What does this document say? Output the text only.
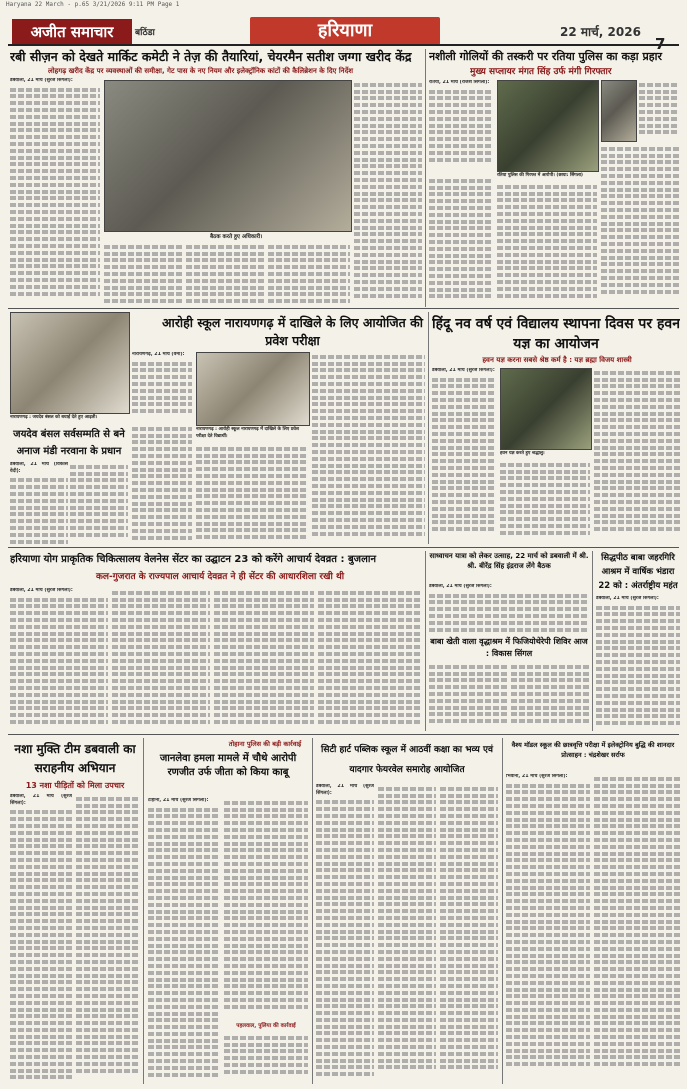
Haryana 22 March - p.65 3/21/2026 9:11 PM Page 1
अजीत समाचार	बठिंडा	हरियाणा	22 मार्च, 2026
रबी सीज़न को देखते मार्किट कमेटी ने तेज़ की तैयारियां, चेयरमैन सतीश जग्गा खरीद केंद्र
लोहगढ़ खरीद केंद्र पर व्यवस्थाओं की समीक्षा, गेट पास के नए नियम और इलेक्ट्रॉनिक कांटों की कैलिब्रेशन के दिए निर्देश
डबवाली, 21 मार्च (सुरज सिंगला):
बैठक करते हुए अधिकारी।
नशीली गोलियों की तस्करी पर रतिया पुलिस का कड़ा प्रहार
मुख्य सप्लायर मंगत सिंह उर्फ मंगी गिरफ्तार
रतिया, 21 मार्च (राजेश सिंगला):
रतिया पुलिस की गिरफ्त में आरोपी। (छाया: सिंगला)
नारायणगढ़ : जयदेव बंसल को बधाई देते हुए आढ़ती।
आरोही स्कूल नारायणगढ़ में दाखिले के लिए आयोजित की प्रवेश परीक्षा
नारायणगढ़, 21 मार्च (वर्मा):
नारायणगढ़ : आरोही स्कूल नारायणगढ़ में दाखिले के लिए प्रवेश परीक्षा देते विद्यार्थी।
जयदेव बंसल सर्वसम्मति से बने अनाज मंडी नरवाना के प्रधान
डबवाली, 21 मार्च (विकास वेदी):
हिंदू नव वर्ष एवं विद्यालय स्थापना दिवस पर हवन यज्ञ का आयोजन
हवन यज्ञ करना सबसे श्रेष्ठ कर्म है : यज्ञ ब्रह्मा विजय शास्त्री
डबवाली, 21 मार्च (सुरज सिंगला):
हवन यज्ञ करते हुए श्रद्धालु।
हरियाणा योग प्राकृतिक चिकित्सालय वेलनेस सेंटर का उद्घाटन 23 को करेंगे आचार्य देवव्रत : बुजलान
कल-गुजरात के राज्यपाल आचार्य देवव्रत ने ही सेंटर की आधारशिला रखी थी
डबवाली, 21 मार्च (सुरज सिंगला):
साध्वाचन यात्रा को लेकर उत्साह, 22 मार्च को डबवाली में श्री. श्री. बीरेंद्र सिंह इंद्रराज लेंगे बैठक
डबवाली, 21 मार्च (सुरज सिंगला):
बाबा खेती वाला वृद्धाश्रम में फिजियोथेरेपी शिविर आज : विकास सिंगल
सिद्धपीठ बाबा जहरगिरि आश्रम में वार्षिक भंडारा 22 को : अंतर्राष्ट्रीय महंत
डबवाली, 21 मार्च (सुरज सिंगला):
नशा मुक्ति टीम डबवाली का सराहनीय अभियान
13 नशा पीड़ितों को मिला उपचार
डबवाली, 21 मार्च (सुरज सिंगला):
तोहाना पुलिस की बड़ी कार्रवाई
जानलेवा हमला मामले में चौथे आरोपी रणजीत उर्फ जीता को किया काबू
टोहाना, 21 मार्च (सुरज सिंगला):
पहलवाल, पुलिया की कार्रवाई
सिटी हार्ट पब्लिक स्कूल में आठवीं कक्षा का भव्य एवं यादगार फेयरवेल समारोह आयोजित
डबवाली, 21 मार्च (सुरज सिंगला):
वैश्य मॉडल स्कूल की छात्रवृत्ति परीक्षा में इलेक्ट्रोनिय बुद्धि की शानदार प्रोत्साहन : चंद्रशेखर सर्राफ
भिवानी, 21 मार्च (सुरज सिंगला):
